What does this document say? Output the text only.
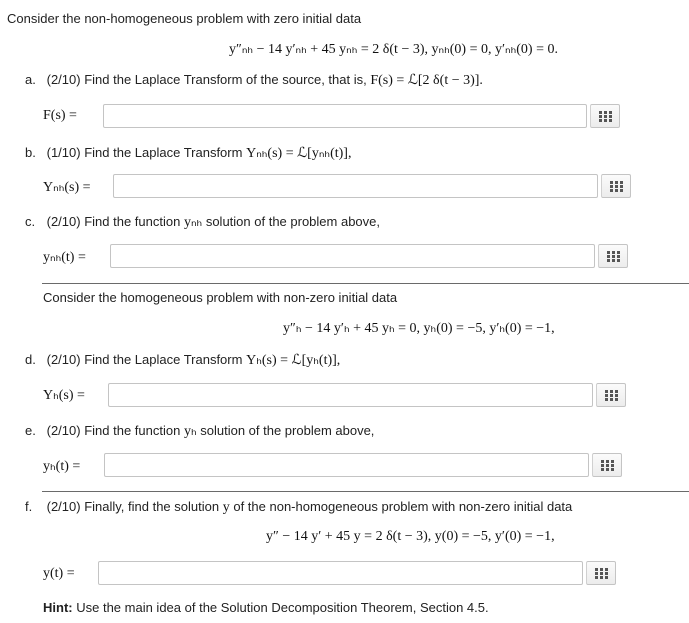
Consider the non-homogeneous problem with zero initial data
y″ₙₕ − 14 y′ₙₕ + 45 yₙₕ = 2 δ(t − 3), yₙₕ(0) = 0, y′ₙₕ(0) = 0.
a. (2/10) Find the Laplace Transform of the source, that is, F(s) = ℒ[2 δ(t − 3)].
F(s) =
b. (1/10) Find the Laplace Transform Yₙₕ(s) = ℒ[yₙₕ(t)],
Yₙₕ(s) =
c. (2/10) Find the function yₙₕ solution of the problem above,
yₙₕ(t) =
Consider the homogeneous problem with non-zero initial data
y″ₕ − 14 y′ₕ + 45 yₕ = 0, yₕ(0) = −5, y′ₕ(0) = −1,
d. (2/10) Find the Laplace Transform Yₕ(s) = ℒ[yₕ(t)],
Yₕ(s) =
e. (2/10) Find the function yₕ solution of the problem above,
yₕ(t) =
f. (2/10) Finally, find the solution y of the non-homogeneous problem with non-zero initial data
y″ − 14 y′ + 45 y = 2 δ(t − 3), y(0) = −5, y′(0) = −1,
y(t) =
Hint: Use the main idea of the Solution Decomposition Theorem, Section 4.5.
